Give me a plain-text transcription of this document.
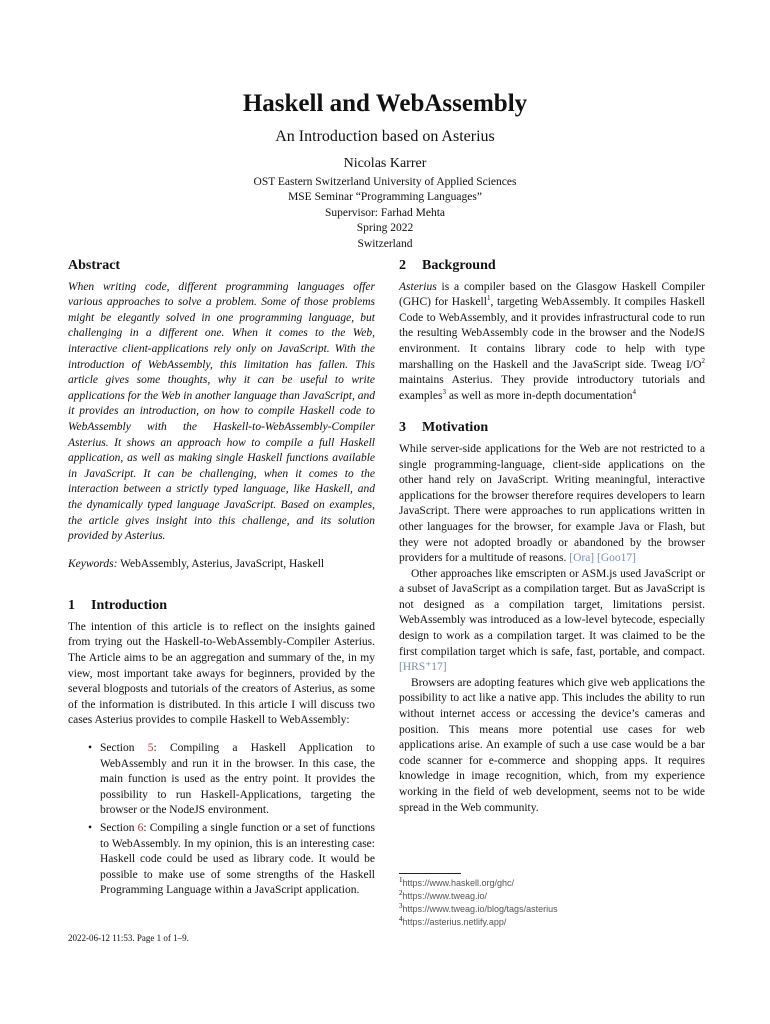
Haskell and WebAssembly
An Introduction based on Asterius
Nicolas Karrer
OST Eastern Switzerland University of Applied Sciences
MSE Seminar “Programming Languages”
Supervisor: Farhad Mehta
Spring 2022
Switzerland
Abstract

When writing code, different programming languages offer various approaches to solve a problem. Some of those problems might be elegantly solved in one programming language, but challenging in a different one. When it comes to the Web, interactive client-applications rely only on JavaScript. With the introduction of WebAssembly, this limitation has fallen. This article gives some thoughts, why it can be useful to write applications for the Web in another language than JavaScript, and it provides an introduction, on how to compile Haskell code to WebAssembly with the Haskell-to-WebAssembly-Compiler Asterius. It shows an approach how to compile a full Haskell application, as well as making single Haskell functions available in JavaScript. It can be challenging, when it comes to the interaction between a strictly typed language, like Haskell, and the dynamically typed language JavaScript. Based on examples, the article gives insight into this challenge, and its solution provided by Asterius.

Keywords: WebAssembly, Asterius, JavaScript, Haskell

1 Introduction

The intention of this article is to reflect on the insights gained from trying out the Haskell-to-WebAssembly-Compiler Asterius. The Article aims to be an aggregation and summary of the, in my view, most important take aways for beginners, provided by the several blogposts and tutorials of the creators of Asterius, as some of the information is distributed. In this article I will discuss two cases Asterius provides to compile Haskell to WebAssembly:

• Section 5: Compiling a Haskell Application to WebAssembly and run it in the browser. In this case, the main function is used as the entry point. It provides the possibility to run Haskell-Applications, targeting the browser or the NodeJS environment.
• Section 6: Compiling a single function or a set of functions to WebAssembly. In my opinion, this is an interesting case: Haskell code could be used as library code. It would be possible to make use of some strengths of the Haskell Programming Language within a JavaScript application.
2 Background

Asterius is a compiler based on the Glasgow Haskell Compiler (GHC) for Haskell$^1$, targeting WebAssembly. It compiles Haskell Code to WebAssembly, and it provides infrastructural code to run the resulting WebAssembly code in the browser and the NodeJS environment. It contains library code to help with type marshalling on the Haskell and the JavaScript side. Tweag $I/O^2$ maintains Asterius. They provide introductory tutorials and examples$^3$ as well as more in-depth documentation$^4$

3 Motivation

While server-side applications for the Web are not restricted to a single programming-language, client-side applications on the other hand rely on JavaScript. Writing meaningful, interactive applications for the browser therefore requires developers to learn JavaScript. There were approaches to run applications written in other languages for the browser, for example Java or Flash, but they were not adopted broadly or abandoned by the browser providers for a multitude of reasons. [Ora] [Goo17]

Other approaches like emscripten or ASM.js used JavaScript or a subset of JavaScript as a compilation target. But as JavaScript is not designed as a compilation target, limitations persist. WebAssembly was introduced as a low-level bytecode, especially design to work as a compilation target. It was claimed to be the first compilation target which is safe, fast, portable, and compact. [HRS⁺17]

Browsers are adopting features which give web applications the possibility to act like a native app. This includes the ability to run without internet access or accessing the device’s cameras and position. This means more potential use cases for web applications arise. An example of such a use case would be a bar code scanner for e-commerce and shopping apps. It requires knowledge in image recognition, which, from my experience working in the field of web development, seems not to be wide spread in the Web community.

$^1$https://www.haskell.org/ghc/
$^2$https://www.tweag.io/
$^3$https://www.tweag.io/blog/tags/asterius
$^4$https://asterius.netlify.app/
2022-06-12 11:53. Page 1 of 1–9.
